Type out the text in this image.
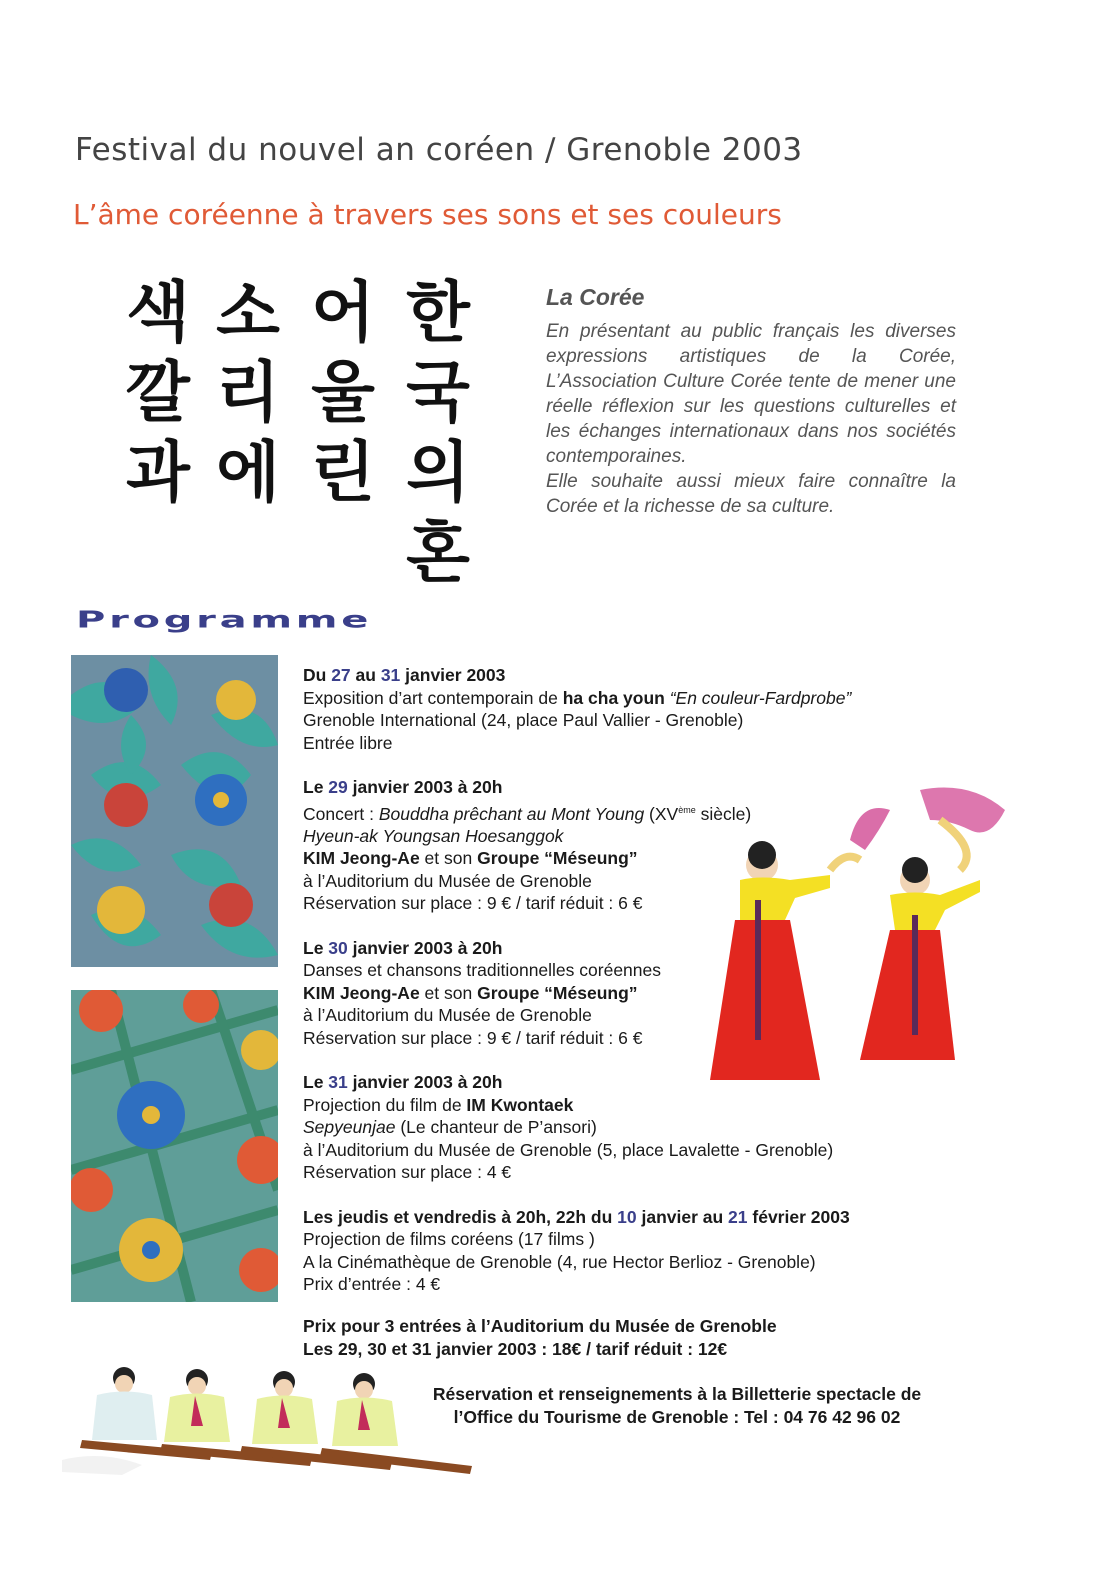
Festival du nouvel an coréen / Grenoble 2003
L’âme coréenne à travers ses sons et ses couleurs
색
깔
과
소
리
에
어
울
린
한
국
의
혼
La Corée

En présentant au public français les diverses expressions artistiques de la Corée, L’Association Culture Corée tente de mener une réelle réflexion sur les questions culturelles et les échanges internationaux dans nos sociétés contemporaines.

Elle souhaite aussi mieux faire connaître la Corée et la richesse de sa culture.

Programme
Du 27 au 31 janvier 2003
Exposition d’art contemporain de ha cha youn “En couleur-Fardprobe”
Grenoble International (24, place Paul Vallier - Grenoble)
Entrée libre
Le 29 janvier 2003 à 20h
Concert : Bouddha prêchant au Mont Young (XVème siècle)
Hyeun-ak Youngsan Hoesanggok
KIM Jeong-Ae et son Groupe “Méseung”
à l’Auditorium du Musée de Grenoble
Réservation sur place : 9 € / tarif réduit : 6 €
Le 30 janvier 2003 à 20h
Danses et chansons traditionnelles coréennes
KIM Jeong-Ae et son Groupe “Méseung”
à l’Auditorium du Musée de Grenoble
Réservation sur place : 9 € / tarif réduit : 6 €
Le 31 janvier 2003 à 20h
Projection du film de IM Kwontaek
Sepyeunjae (Le chanteur de P’ansori)
à l’Auditorium du Musée de Grenoble (5, place Lavalette - Grenoble)
Réservation sur place : 4 €
Les jeudis et vendredis à 20h, 22h du 10 janvier au 21 février 2003
Projection de films coréens (17 films )
A la Cinémathèque de Grenoble (4, rue Hector Berlioz - Grenoble)
Prix d’entrée : 4 €
Prix pour 3 entrées à l’Auditorium du Musée de Grenoble
Les 29, 30 et 31 janvier 2003 : 18€ / tarif réduit : 12€
Réservation et renseignements à la Billetterie spectacle de
l’Office du Tourisme de Grenoble : Tel : 04 76 42 96 02
